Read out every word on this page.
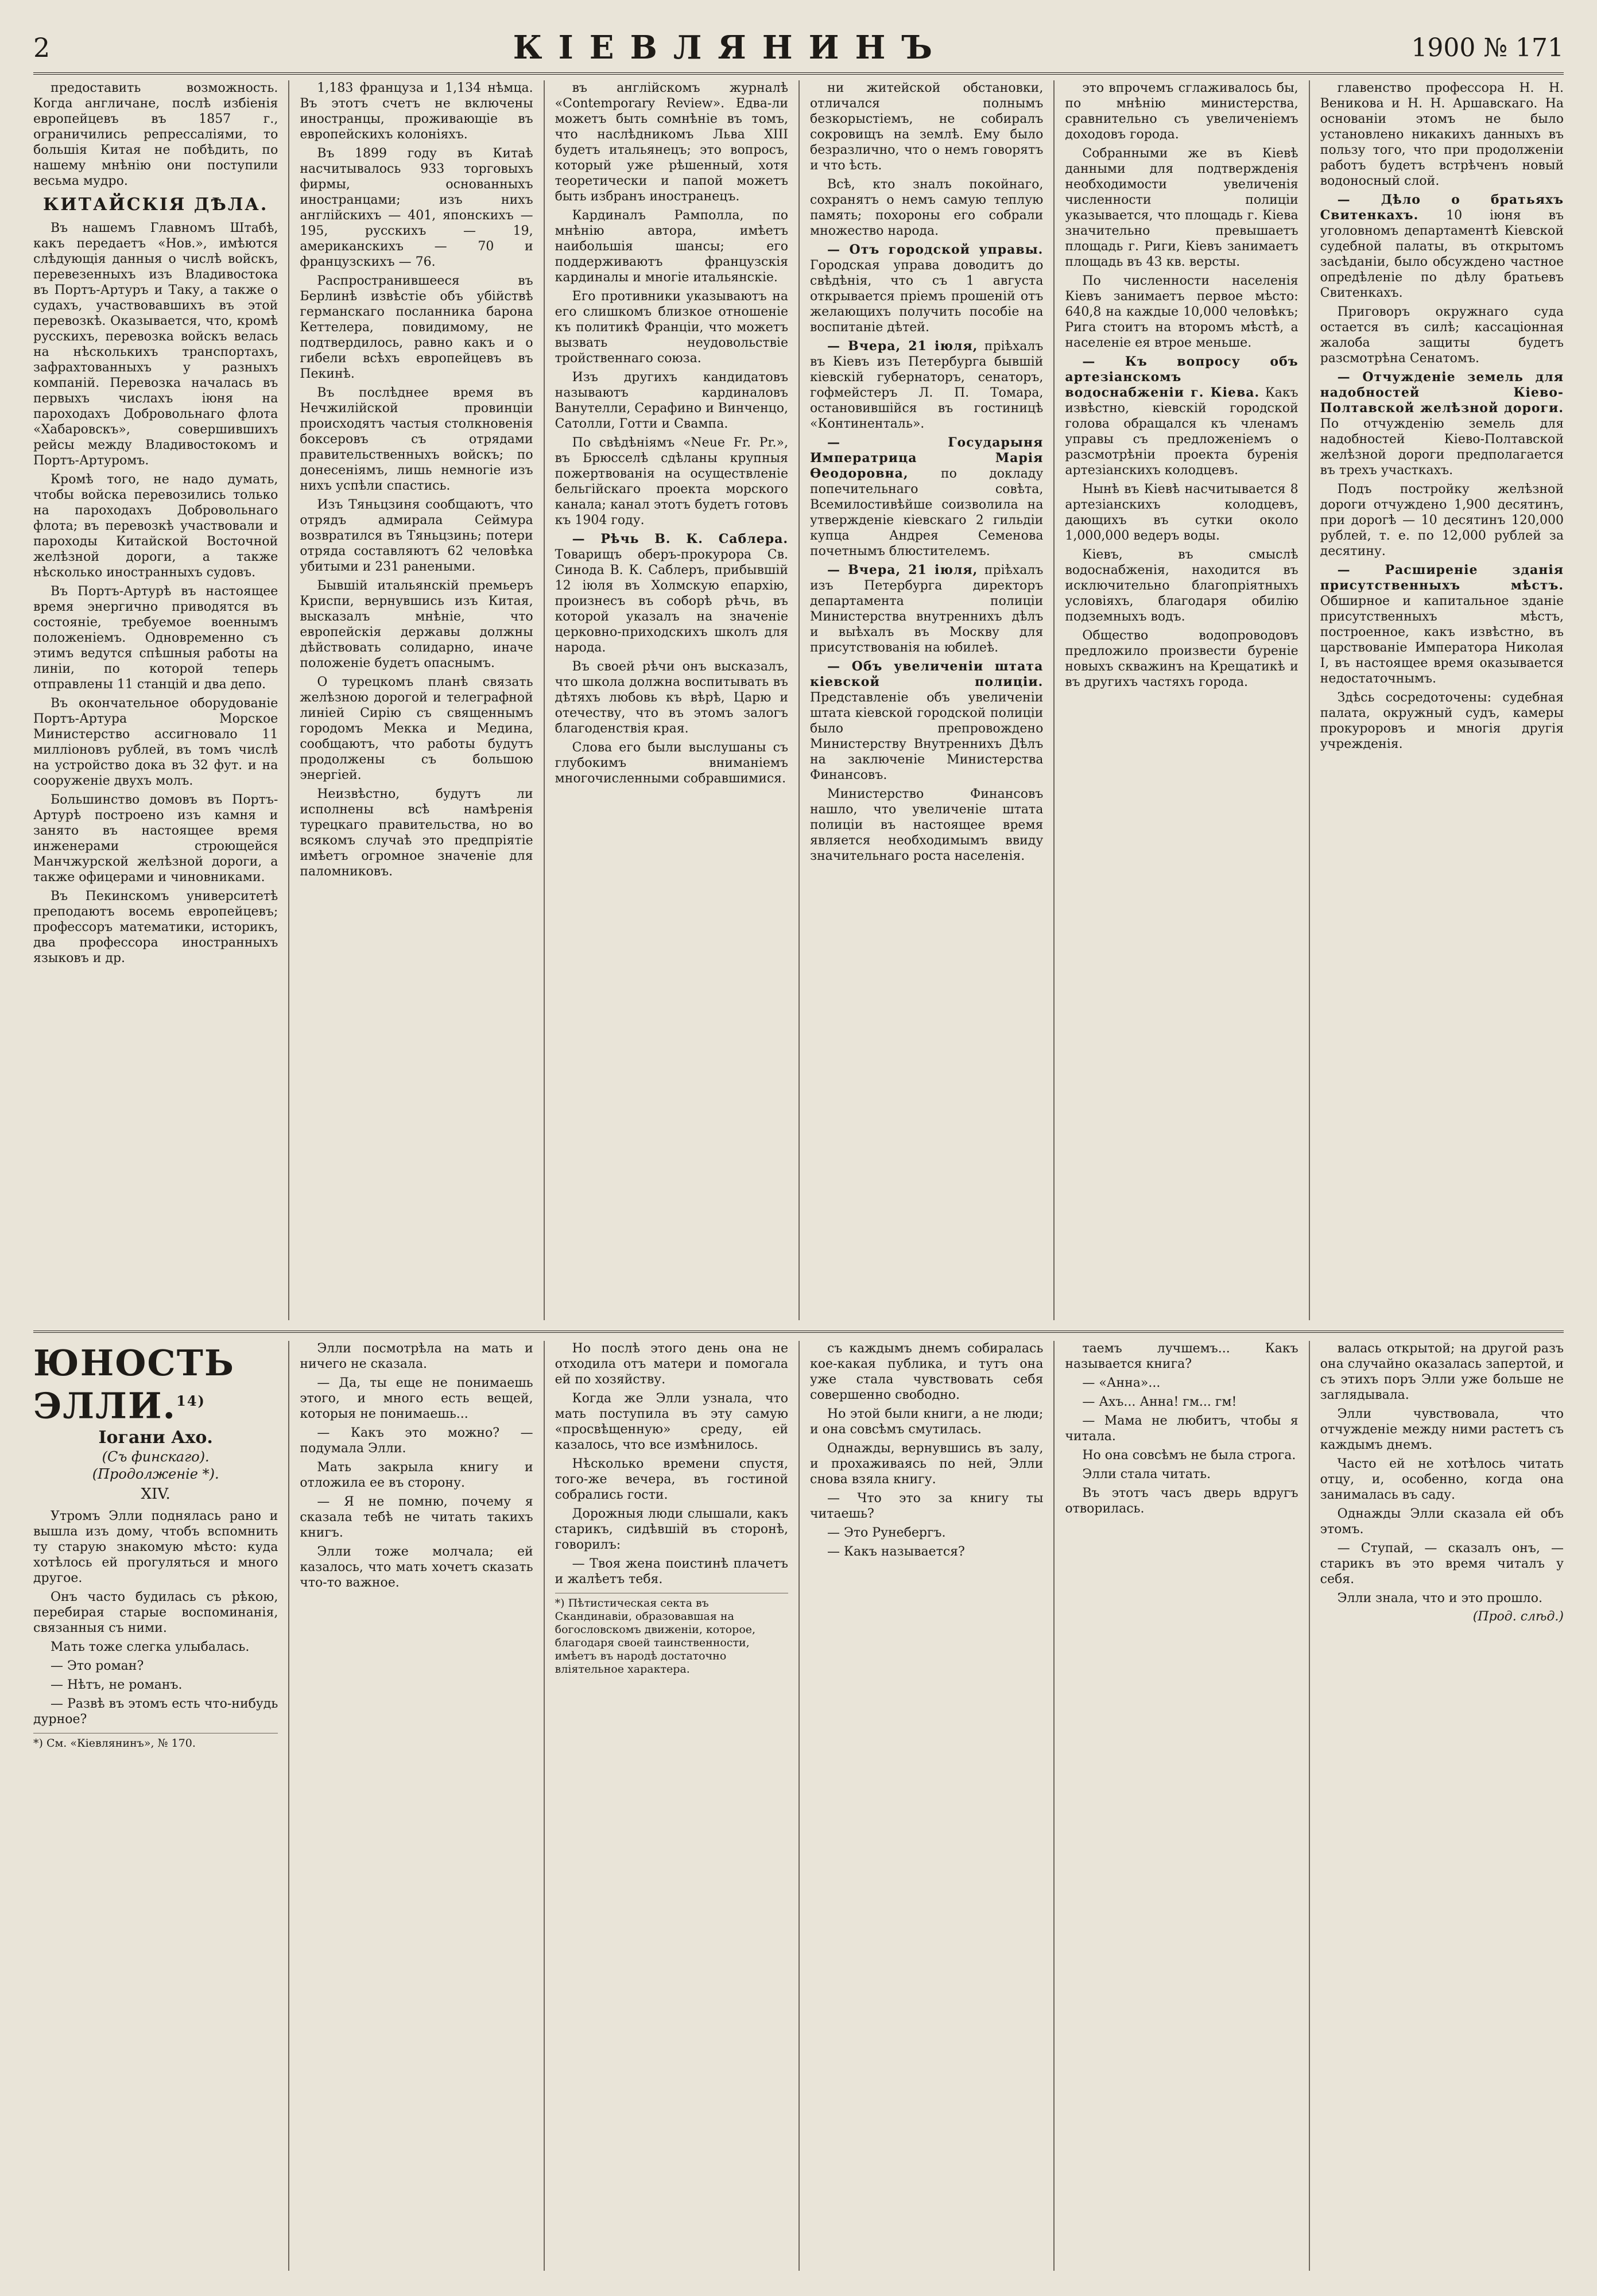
2	КІЕВЛЯНИНЪ	1900 № 171

предоставить возможность. Когда англичане, послѣ избіенія европейцевъ въ 1857 г., ограничились репрессаліями, то большія Китая не побѣдить, по нашему мнѣнію они поступили весьма мудро.

КИТАЙСКІЯ ДѢЛА.

Въ нашемъ Главномъ Штабѣ, какъ передаетъ «Нов.», имѣются слѣдующія данныя о числѣ войскъ, перевезенныхъ изъ Владивостока въ Портъ-Артуръ и Таку, а также о судахъ, участвовавшихъ въ этой перевозкѣ. Оказывается, что, кромѣ русскихъ, перевозка войскъ велась на нѣсколькихъ транспортахъ, зафрахтованныхъ у разныхъ компаній. Перевозка началась въ первыхъ числахъ іюня на пароходахъ Добровольнаго флота «Хабаровскъ», совершившихъ рейсы между Владивостокомъ и Портъ-Артуромъ.

Кромѣ того, не надо думать, чтобы войска перевозились только на пароходахъ Добровольнаго флота; въ перевозкѣ участвовали и пароходы Китайской Восточной желѣзной дороги, а также нѣсколько иностранныхъ судовъ.

Въ Портъ-Артурѣ въ настоящее время энергично приводятся въ состояніе, требуемое военнымъ положеніемъ. Одновременно съ этимъ ведутся спѣшныя работы на линіи, по которой теперь отправлены 11 станцій и два депо.

Въ окончательное оборудованіе Портъ-Артура Морское Министерство ассигновало 11 милліоновъ рублей, въ томъ числѣ на устройство дока въ 32 фут. и на сооруженіе двухъ молъ.

Большинство домовъ въ Портъ-Артурѣ построено изъ камня и занято въ настоящее время инженерами строющейся Манчжурской желѣзной дороги, а также офицерами и чиновниками.

Въ Пекинскомъ университетѣ преподаютъ восемь европейцевъ; профессоръ математики, историкъ, два профессора иностранныхъ языковъ и др.

1,183 француза и 1,134 нѣмца. Въ этотъ счетъ не включены иностранцы, проживающіе въ европейскихъ колоніяхъ.

Въ 1899 году въ Китаѣ насчитывалось 933 торговыхъ фирмы, основанныхъ иностранцами; изъ нихъ англійскихъ — 401, японскихъ — 195, русскихъ — 19, американскихъ — 70 и французскихъ — 76.

Распространившееся въ Берлинѣ извѣстіе объ убійствѣ германскаго посланника барона Кеттелера, повидимому, не подтвердилось, равно какъ и о гибели всѣхъ европейцевъ въ Пекинѣ.

Въ послѣднее время въ Нечжилійской провинціи происходятъ частыя столкновенія боксеровъ съ отрядами правительственныхъ войскъ; по донесеніямъ, лишь немногіе изъ нихъ успѣли спастись.

Изъ Тяньцзиня сообщаютъ, что отрядъ адмирала Сеймура возвратился въ Тяньцзинь; потери отряда составляютъ 62 человѣка убитыми и 231 ранеными.

Бывшій итальянскій премьеръ Криспи, вернувшись изъ Китая, высказалъ мнѣніе, что европейскія державы должны дѣйствовать солидарно, иначе положеніе будетъ опаснымъ.

О турецкомъ планѣ связать желѣзною дорогой и телеграфной линіей Сирію съ священнымъ городомъ Мекка и Медина, сообщаютъ, что работы будутъ продолжены съ большою энергіей.

Неизвѣстно, будутъ ли исполнены всѣ намѣренія турецкаго правительства, но во всякомъ случаѣ это предпріятіе имѣетъ огромное значеніе для паломниковъ.

въ англійскомъ журналѣ «Contemporary Review». Едва-ли можетъ быть сомнѣніе въ томъ, что наслѣдникомъ Льва XIII будетъ итальянецъ; это вопросъ, который уже рѣшенный, хотя теоретически и папой можетъ быть избранъ иностранецъ.

Кардиналъ Рамполла, по мнѣнію автора, имѣетъ наибольшія шансы; его поддерживаютъ французскія кардиналы и многіе итальянскіе.

Его противники указываютъ на его слишкомъ близкое отношеніе къ политикѣ Франціи, что можетъ вызвать неудовольствіе тройственнаго союза.

Изъ другихъ кандидатовъ называютъ кардиналовъ Ванутелли, Серафино и Винченцо, Сатолли, Готти и Свампа.

По свѣдѣніямъ «Neue Fr. Pr.», въ Брюсселѣ сдѣланы крупныя пожертвованія на осуществленіе бельгійскаго проекта морского канала; канал этотъ будетъ готовъ къ 1904 году.

— Рѣчь В. К. Саблера. Товарищъ оберъ-прокурора Св. Синода В. К. Саблеръ, прибывшій 12 іюля въ Холмскую епархію, произнесъ въ соборѣ рѣчь, въ которой указалъ на значеніе церковно-приходскихъ школъ для народа.

Въ своей рѣчи онъ высказалъ, что школа должна воспитывать въ дѣтяхъ любовь къ вѣрѣ, Царю и отечеству, что въ этомъ залогъ благоденствія края.

Слова его были выслушаны съ глубокимъ вниманіемъ многочисленными собравшимися.

ни житейской обстановки, отличался полнымъ безкорыстіемъ, не собиралъ сокровищъ на землѣ. Ему было безразлично, что о немъ говорятъ и что ѣсть.

Всѣ, кто зналъ покойнаго, сохранятъ о немъ самую теплую память; похороны его собрали множество народа.

— Отъ городской управы. Городская управа доводитъ до свѣдѣнія, что съ 1 августа открывается пріемъ прошеній отъ желающихъ получить пособіе на воспитаніе дѣтей.

— Вчера, 21 іюля, пріѣхалъ въ Кіевъ изъ Петербурга бывшій кіевскій губернаторъ, сенаторъ, гофмейстеръ Л. П. Томара, остановившійся въ гостиницѣ «Континенталь».

— Государыня Императрица Марія Ѳеодоровна,	по докладу попечительнаго совѣта, Всемилостивѣйше соизволила на утвержденіе кіевскаго 2 гильдіи купца Андрея Семенова почетнымъ блюстителемъ.

— Вчера, 21 іюля, пріѣхалъ изъ Петербурга директоръ департамента полиціи Министерства внутреннихъ дѣлъ и выѣхалъ въ Москву для присутствованія на юбилеѣ.

— Объ увеличеніи штата кіевской полиціи. Представленіе объ увеличеніи штата кіевской городской полиціи было препровождено Министерству Внутреннихъ Дѣлъ на заключеніе Министерства Финансовъ.

Министерство Финансовъ нашло, что увеличеніе штата полиціи въ настоящее время является необходимымъ ввиду значительнаго роста населенія.

это впрочемъ сглаживалось бы, по мнѣнію министерства, сравнительно съ увеличеніемъ доходовъ города.

Собранными же въ Кіевѣ данными для подтвержденія необходимости увеличенія численности полиціи указывается, что площадь г. Кіева значительно превышаетъ площадь г. Риги, Кіевъ занимаетъ площадь въ 43 кв. версты.

По численности населенія Кіевъ занимаетъ первое мѣсто: 640,8 на каждые 10,000 человѣкъ; Рига стоитъ на второмъ мѣстѣ, а населеніе ея втрое меньше.

— Къ вопросу объ артезіанскомъ водоснабженіи г. Кіева. Какъ извѣстно, кіевскій городской голова обращался къ членамъ управы съ предложеніемъ о разсмотрѣніи проекта буренія артезіанскихъ колодцевъ.

Нынѣ въ Кіевѣ насчитывается 8 артезіанскихъ колодцевъ, дающихъ въ сутки около 1,000,000 ведеръ воды.

Кіевъ, въ смыслѣ водоснабженія, находится въ исключительно благопріятныхъ условіяхъ, благодаря обилію подземныхъ водъ.

Общество водопроводовъ предложило произвести буреніе новыхъ скважинъ на Крещатикѣ и въ другихъ частяхъ города.

главенство профессора Н. Н. Веникова и Н. Н. Аршавскаго. На основаніи этомъ не было установлено никакихъ данныхъ въ пользу того, что при продолженіи работъ будетъ встрѣченъ новый водоносный слой.

— Дѣло о братьяхъ Свитенкахъ. 10 іюня въ уголовномъ департаментѣ Кіевской судебной палаты, въ открытомъ засѣданіи, было обсуждено частное опредѣленіе по дѣлу братьевъ Свитенкахъ.

Приговоръ окружнаго суда остается въ силѣ; кассаціонная жалоба защиты будетъ разсмотрѣна Сенатомъ.

— Отчужденіе земель для надобностей Кіево-Полтавской желѣзной дороги. По отчужденію земель для надобностей Кіево-Полтавской желѣзной дороги предполагается въ трехъ участкахъ.

Подъ постройку желѣзной дороги отчуждено 1,900 десятинъ, при дорогѣ — 10 десятинъ 120,000 рублей, т. е. по 12,000 рублей за десятину.

— Расширеніе зданія присутственныхъ мѣстъ. Обширное и капитальное зданіе присутственныхъ мѣстъ, построенное, какъ извѣстно, въ царствованіе Императора Николая I, въ настоящее время оказывается недостаточнымъ.

Здѣсь сосредоточены: судебная палата, окружный судъ, камеры прокуроровъ и многія другія учрежденія.

ЮНОСТЬ ЭЛЛИ.$^{14)}$
Іогани Ахо.
(Съ финскаго).
(Продолженіе *).
XIV.

Утромъ Элли поднялась рано и вышла изъ дому, чтобъ вспомнить ту старую знакомую мѣсто: куда хотѣлось ей прогуляться и много другое.

Онъ часто будилась съ рѣкою, перебирая старые воспоминанія, связанныя съ ними.

Мать тоже слегка улыбалась.

— Это роман?

— Нѣтъ, не романъ.

— Развѣ въ этомъ есть что-нибудь дурное?

*) См. «Кіевлянинъ», № 170.

Элли посмотрѣла на мать и ничего не сказала.

— Да, ты еще не понимаешь этого, и много есть вещей, которыя не понимаешь...

— Какъ это можно? — подумала Элли.

Мать закрыла книгу и отложила ее въ сторону.

— Я не помню, почему я сказала тебѣ не читать такихъ книгъ.

Элли тоже молчала; ей казалось, что мать хочетъ сказать что-то важное.

Но послѣ этого день она не отходила отъ матери и помогала ей по хозяйству.

Когда же Элли узнала, что мать поступила въ эту самую «просвѣщенную» среду, ей казалось, что все измѣнилось.

Нѣсколько времени спустя, того-же вечера, въ гостиной собрались гости.

Дорожныя люди слышали, какъ старикъ, сидѣвшій въ сторонѣ, говорилъ:

— Твоя жена поистинѣ плачетъ и жалѣетъ тебя.

*) Пѣтистическая секта въ Скандинавіи, образовавшая на богословскомъ движеніи, которое, благодаря своей таинственности, имѣетъ въ народѣ достаточно вліятельное характера.

съ каждымъ днемъ собиралась кое-какая публика, и тутъ она уже стала чувствовать себя совершенно свободно.

Но этой были книги, а не люди; и она совсѣмъ смутилась.

Однажды, вернувшись въ залу, и прохаживаясь по ней, Элли снова взяла книгу.

— Что это за книгу ты читаешь?

— Это Рунебергъ.

— Какъ называется?

таемъ лучшемъ... Какъ называется книга?

— «Анна»...

— Ахъ... Анна! гм... гм!

— Мама не любитъ, чтобы я читала.

Но она совсѣмъ не была строга.

Элли стала читать.

Въ этотъ часъ дверь вдругъ отворилась.

валась открытой; на другой разъ она случайно оказалась запертой, и съ этихъ поръ Элли уже больше не заглядывала.

Элли чувствовала, что отчужденіе между ними растетъ съ каждымъ днемъ.

Часто ей не хотѣлось читать отцу, и, особенно, когда она занималась въ саду.

Однажды Элли сказала ей объ этомъ.

— Ступай, — сказалъ онъ, — старикъ въ это время читалъ у себя.

Элли знала, что и это прошло.

(Прод. слѣд.)
